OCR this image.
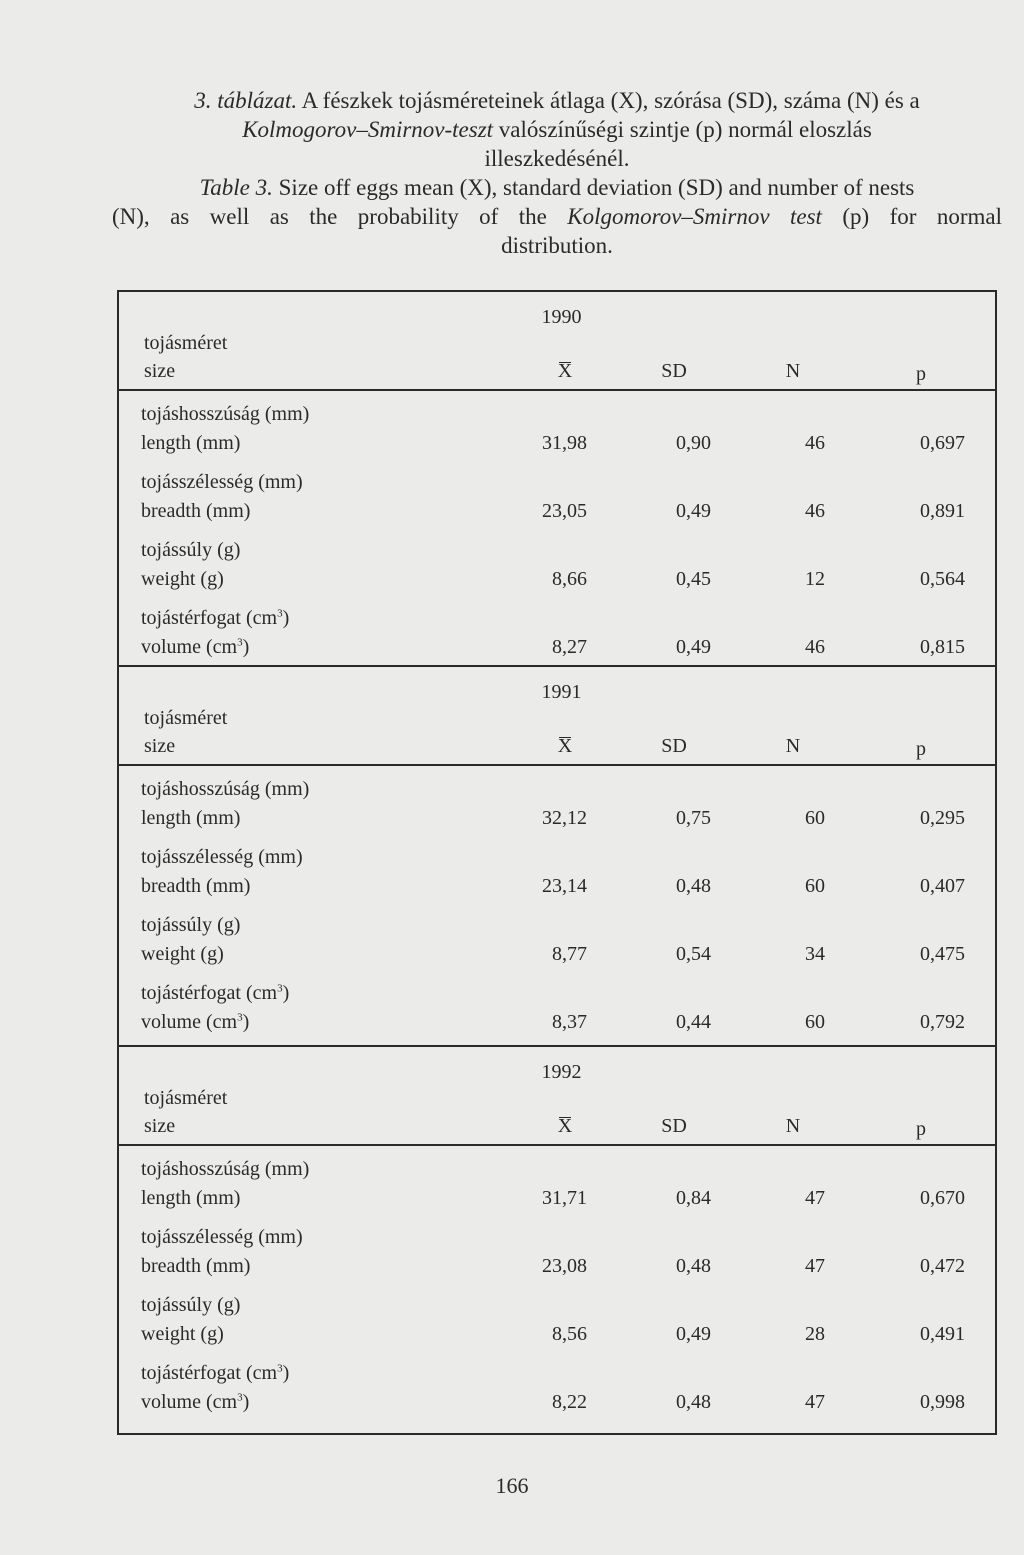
3. táblázat. A fészkek tojásméreteinek átlaga (X), szórása (SD), száma (N) és a
Kolmogorov–Smirnov-teszt valószínűségi szintje (p) normál eloszlás
illeszkedésénél.
Table 3. Size off eggs mean (X), standard deviation (SD) and number of nests
(N), as well as the probability of the Kolgomorov–Smirnov test (p) for normal
distribution.
1990
tojásméret
size	X	SD	N	p
tojáshosszúság (mm)
length (mm)	31,98	0,90	46	0,697
tojásszélesség (mm)
breadth (mm)	23,05	0,49	46	0,891
tojássúly (g)
weight (g)	8,66	0,45	12	0,564
tojástérfogat $(cm^3)$
volume $(cm^3)$	8,27	0,49	46	0,815
1991
tojásméret
size	X	SD	N	p
tojáshosszúság (mm)
length (mm)	32,12	0,75	60	0,295
tojásszélesség (mm)
breadth (mm)	23,14	0,48	60	0,407
tojássúly (g)
weight (g)	8,77	0,54	34	0,475
tojástérfogat $(cm^3)$
volume $(cm^3)$	8,37	0,44	60	0,792
1992
tojásméret
size	X	SD	N	p
tojáshosszúság (mm)
length (mm)	31,71	0,84	47	0,670
tojásszélesség (mm)
breadth (mm)	23,08	0,48	47	0,472
tojássúly (g)
weight (g)	8,56	0,49	28	0,491
tojástérfogat $(cm^3)$
volume $(cm^3)$	8,22	0,48	47	0,998
166
